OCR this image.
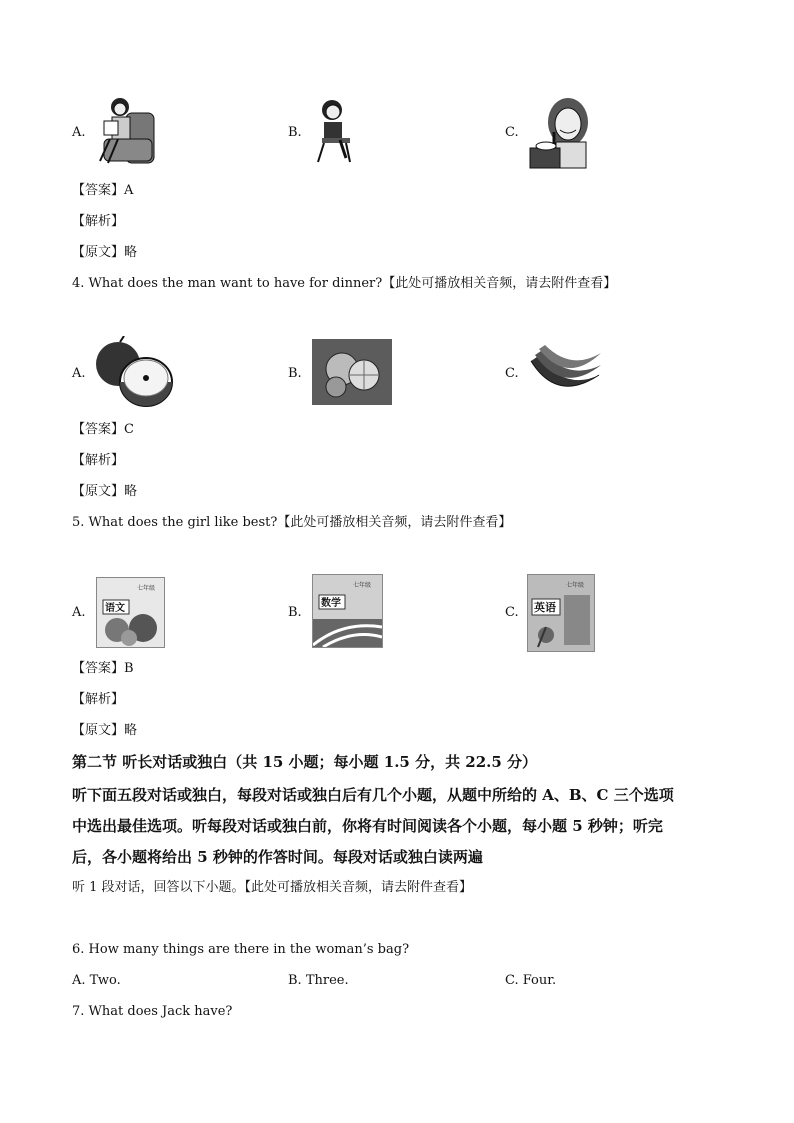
A.	B.	C.
【答案】A
【解析】
【原文】略
4. What does the man want to have for dinner?【此处可播放相关音频，请去附件查看】
A.	B.	C.
【答案】C
【解析】
【原文】略
5. What does the girl like best?【此处可播放相关音频，请去附件查看】
A.
七年级
语文	B.
七年级
数学
C.
七年级
英语
【答案】B
【解析】
【原文】略
第二节 听长对话或独白（共 15 小题；每小题 1.5 分，共 22.5 分）
听下面五段对话或独白，每段对话或独白后有几个小题，从题中所给的 A、B、C 三个选项
中选出最佳选项。听每段对话或独白前，你将有时间阅读各个小题，每小题 5 秒钟；听完
后，各小题将给出 5 秒钟的作答时间。每段对话或独白读两遍
听 1 段对话，回答以下小题。【此处可播放相关音频，请去附件查看】
6. How many things are there in the woman’s bag?
A. Two.	B. Three.	C. Four.
7. What does Jack have?
